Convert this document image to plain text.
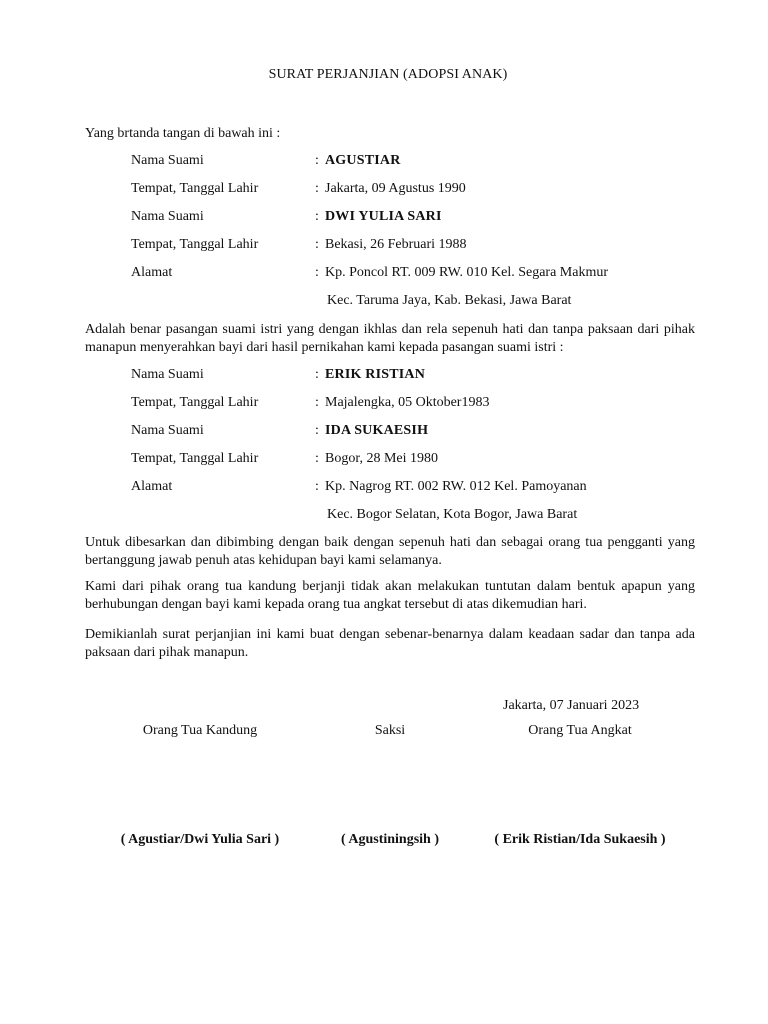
SURAT PERJANJIAN (ADOPSI ANAK)
Yang brtanda tangan di bawah ini :
Nama Suami	: AGUSTIAR
Tempat, Tanggal Lahir	: Jakarta, 09 Agustus 1990
Nama Suami	: DWI YULIA SARI
Tempat, Tanggal Lahir	: Bekasi, 26 Februari 1988
Alamat	: Kp. Poncol RT. 009 RW. 010 Kel. Segara Makmur
Kec. Taruma Jaya, Kab. Bekasi, Jawa Barat
Adalah benar pasangan suami istri yang dengan ikhlas dan rela sepenuh hati dan tanpa paksaan dari pihak manapun menyerahkan bayi dari hasil pernikahan kami kepada pasangan suami istri :
Nama Suami	: ERIK RISTIAN
Tempat, Tanggal Lahir	: Majalengka, 05 Oktober1983
Nama Suami	: IDA SUKAESIH
Tempat, Tanggal Lahir	: Bogor, 28 Mei 1980
Alamat	: Kp. Nagrog RT. 002 RW. 012 Kel. Pamoyanan
Kec. Bogor Selatan, Kota Bogor, Jawa Barat
Untuk dibesarkan dan dibimbing dengan baik dengan sepenuh hati dan sebagai orang tua pengganti yang bertanggung jawab penuh atas kehidupan bayi kami selamanya.
Kami dari pihak orang tua kandung berjanji tidak akan melakukan tuntutan dalam bentuk apapun yang berhubungan dengan bayi kami kepada orang tua angkat tersebut di atas dikemudian hari.
Demikianlah surat perjanjian ini kami buat dengan sebenar-benarnya dalam keadaan sadar dan tanpa ada paksaan dari pihak manapun.
Jakarta, 07 Januari 2023
Orang Tua Kandung	Saksi	Orang Tua Angkat
( Agustiar/Dwi Yulia Sari )	( Agustiningsih )	( Erik Ristian/Ida Sukaesih )
